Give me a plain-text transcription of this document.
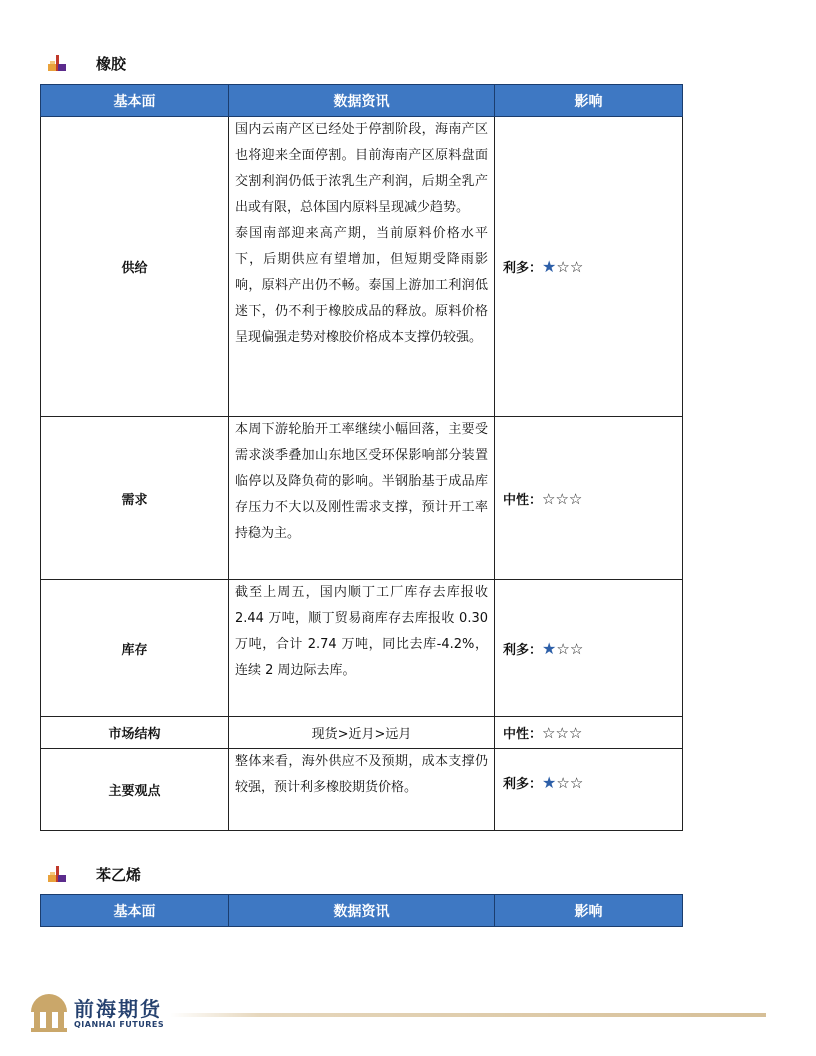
橡胶
基本面	数据资讯	影响
供给	国内云南产区已经处于停割阶段，海南产区也将迎来全面停割。目前海南产区原料盘面交割利润仍低于浓乳生产利润，后期全乳产出或有限，总体国内原料呈现减少趋势。
泰国南部迎来高产期，当前原料价格水平下，后期供应有望增加，但短期受降雨影响，原料产出仍不畅。泰国上游加工利润低迷下，仍不利于橡胶成品的释放。原料价格呈现偏强走势对橡胶价格成本支撑仍较强。	利多：★☆☆
需求	本周下游轮胎开工率继续小幅回落，主要受需求淡季叠加山东地区受环保影响部分装置临停以及降负荷的影响。半钢胎基于成品库存压力不大以及刚性需求支撑，预计开工率持稳为主。	中性：☆☆☆
库存	截至上周五，国内顺丁工厂库存去库报收 2.44 万吨，顺丁贸易商库存去库报收 0.30 万吨，合计 2.74 万吨，同比去库-4.2%，连续 2 周边际去库。	利多：★☆☆
市场结构	现货>近月>远月	中性：☆☆☆
主要观点	整体来看，海外供应不及预期，成本支撑仍较强，预计利多橡胶期货价格。	利多：★☆☆
苯乙烯
基本面	数据资讯	影响
前海期货
QIANHAI FUTURES
